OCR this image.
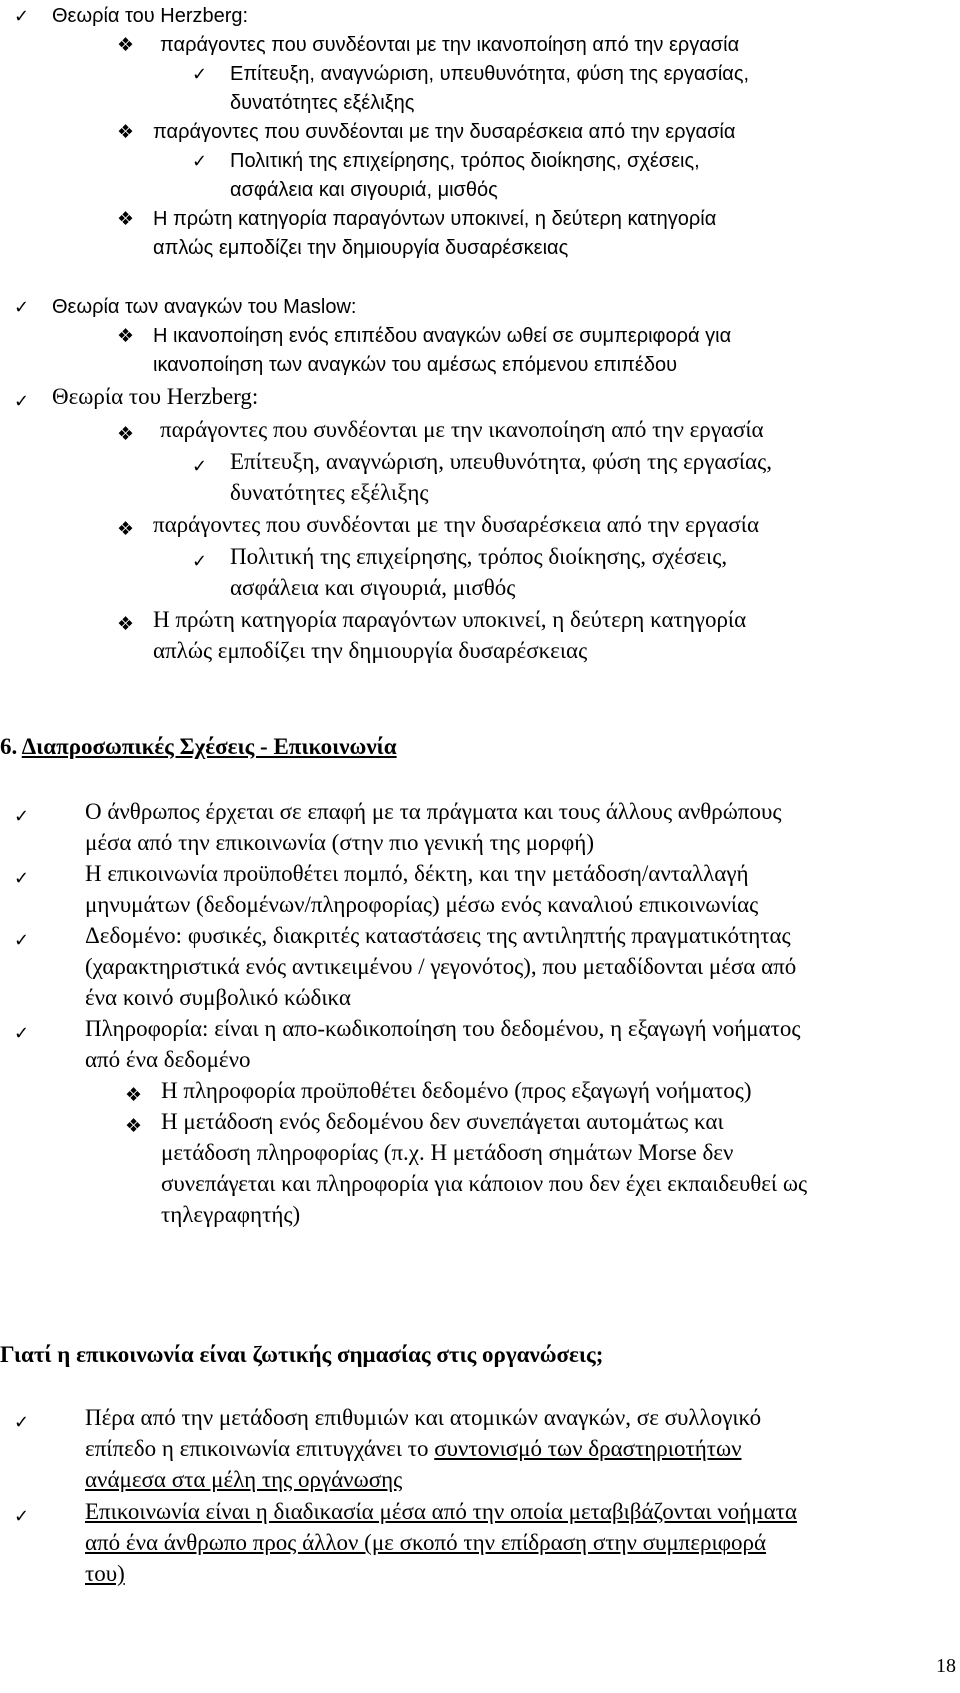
✓ Θεωρία του Herzberg:
❖ παράγοντες που συνδέονται με την ικανοποίηση από την εργασία
✓ Επίτευξη, αναγνώριση, υπευθυνότητα, φύση της εργασίας,
δυνατότητες εξέλιξης
❖ παράγοντες που συνδέονται με την δυσαρέσκεια από την εργασία
✓ Πολιτική της επιχείρησης, τρόπος διοίκησης, σχέσεις,
ασφάλεια και σιγουριά, μισθός
❖ Η πρώτη κατηγορία παραγόντων υποκινεί, η δεύτερη κατηγορία
απλώς εμποδίζει την δημιουργία δυσαρέσκειας
✓ Θεωρία των αναγκών του Maslow:
❖ Η ικανοποίηση ενός επιπέδου αναγκών ωθεί σε συμπεριφορά για
ικανοποίηση των αναγκών του αμέσως επόμενου επιπέδου
✓ Θεωρία του Herzberg:
❖ παράγοντες που συνδέονται με την ικανοποίηση από την εργασία
✓ Επίτευξη, αναγνώριση, υπευθυνότητα, φύση της εργασίας,
δυνατότητες εξέλιξης
❖ παράγοντες που συνδέονται με την δυσαρέσκεια από την εργασία
✓ Πολιτική της επιχείρησης, τρόπος διοίκησης, σχέσεις,
ασφάλεια και σιγουριά, μισθός
❖ Η πρώτη κατηγορία παραγόντων υποκινεί, η δεύτερη κατηγορία
απλώς εμποδίζει την δημιουργία δυσαρέσκειας
6. Διαπροσωπικές Σχέσεις - Επικοινωνία
✓ Ο άνθρωπος έρχεται σε επαφή με τα πράγματα και τους άλλους ανθρώπους
μέσα από την επικοινωνία (στην πιο γενική της μορφή)
✓ Η επικοινωνία προϋποθέτει πομπό, δέκτη, και την μετάδοση/ανταλλαγή
μηνυμάτων (δεδομένων/πληροφορίας) μέσω ενός καναλιού επικοινωνίας
✓ Δεδομένο: φυσικές, διακριτές καταστάσεις της αντιληπτής πραγματικότητας
(χαρακτηριστικά ενός αντικειμένου / γεγονότος), που μεταδίδονται μέσα από
ένα κοινό συμβολικό κώδικα
✓ Πληροφορία: είναι η απο-κωδικοποίηση του δεδομένου, η εξαγωγή νοήματος
από ένα δεδομένο
❖ Η πληροφορία προϋποθέτει δεδομένο (προς εξαγωγή νοήματος)
❖ Η μετάδοση ενός δεδομένου δεν συνεπάγεται αυτομάτως και
μετάδοση πληροφορίας (π.χ. Η μετάδοση σημάτων Morse δεν
συνεπάγεται και πληροφορία για κάποιον που δεν έχει εκπαιδευθεί ως
τηλεγραφητής)
Γιατί η επικοινωνία είναι ζωτικής σημασίας στις οργανώσεις;
✓ Πέρα από την μετάδοση επιθυμιών και ατομικών αναγκών, σε συλλογικό
επίπεδο η επικοινωνία επιτυγχάνει το συντονισμό των δραστηριοτήτων
ανάμεσα στα μέλη της οργάνωσης
✓ Επικοινωνία είναι η διαδικασία μέσα από την οποία μεταβιβάζονται νοήματα
από ένα άνθρωπο προς άλλον (με σκοπό την επίδραση στην συμπεριφορά
του)
18
